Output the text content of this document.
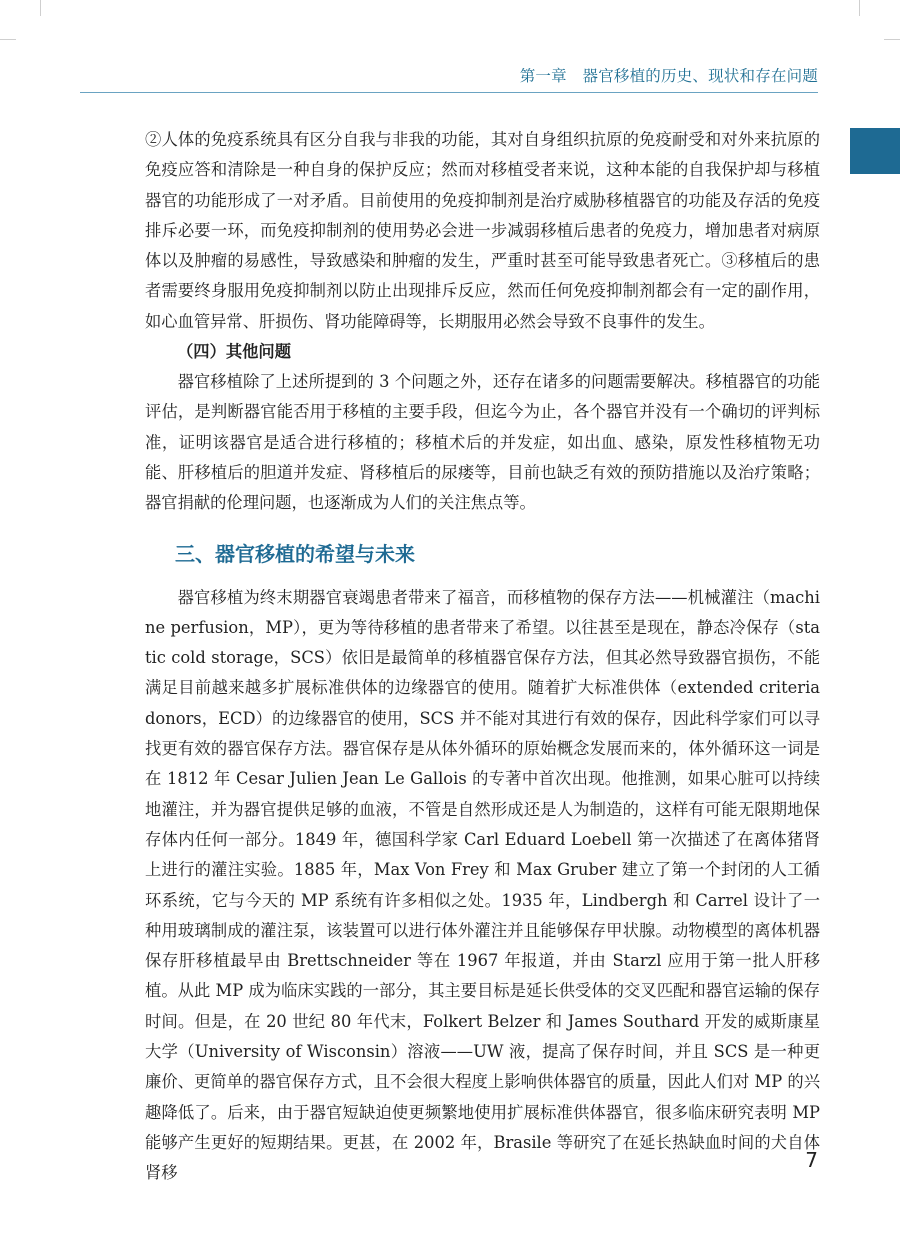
第一章　器官移植的历史、现状和存在问题

②人体的免疫系统具有区分自我与非我的功能，其对自身组织抗原的免疫耐受和对外来抗原的免疫应答和清除是一种自身的保护反应；然而对移植受者来说，这种本能的自我保护却与移植器官的功能形成了一对矛盾。目前使用的免疫抑制剂是治疗威胁移植器官的功能及存活的免疫排斥必要一环，而免疫抑制剂的使用势必会进一步减弱移植后患者的免疫力，增加患者对病原体以及肿瘤的易感性，导致感染和肿瘤的发生，严重时甚至可能导致患者死亡。③移植后的患者需要终身服用免疫抑制剂以防止出现排斥反应，然而任何免疫抑制剂都会有一定的副作用，如心血管异常、肝损伤、肾功能障碍等，长期服用必然会导致不良事件的发生。

（四）其他问题

器官移植除了上述所提到的 3 个问题之外，还存在诸多的问题需要解决。移植器官的功能评估，是判断器官能否用于移植的主要手段，但迄今为止，各个器官并没有一个确切的评判标准，证明该器官是适合进行移植的；移植术后的并发症，如出血、感染，原发性移植物无功能、肝移植后的胆道并发症、肾移植后的尿瘘等，目前也缺乏有效的预防措施以及治疗策略；器官捐献的伦理问题，也逐渐成为人们的关注焦点等。

三、器官移植的希望与未来

器官移植为终末期器官衰竭患者带来了福音，而移植物的保存方法——机械灌注（machine perfusion，MP），更为等待移植的患者带来了希望。以往甚至是现在，静态冷保存（static cold storage，SCS）依旧是最简单的移植器官保存方法，但其必然导致器官损伤，不能满足目前越来越多扩展标准供体的边缘器官的使用。随着扩大标准供体（extended criteria donors，ECD）的边缘器官的使用，SCS 并不能对其进行有效的保存，因此科学家们可以寻找更有效的器官保存方法。器官保存是从体外循环的原始概念发展而来的，体外循环这一词是在 1812 年 Cesar Julien Jean Le Gallois 的专著中首次出现。他推测，如果心脏可以持续地灌注，并为器官提供足够的血液，不管是自然形成还是人为制造的，这样有可能无限期地保存体内任何一部分。1849 年，德国科学家 Carl Eduard Loebell 第一次描述了在离体猪肾上进行的灌注实验。1885 年，Max Von Frey 和 Max Gruber 建立了第一个封闭的人工循环系统，它与今天的 MP 系统有许多相似之处。1935 年，Lindbergh 和 Carrel 设计了一种用玻璃制成的灌注泵，该装置可以进行体外灌注并且能够保存甲状腺。动物模型的离体机器保存肝移植最早由 Brettschneider 等在 1967 年报道，并由 Starzl 应用于第一批人肝移植。从此 MP 成为临床实践的一部分，其主要目标是延长供受体的交叉匹配和器官运输的保存时间。但是，在 20 世纪 80 年代末，Folkert Belzer 和 James Southard 开发的威斯康星大学（University of Wisconsin）溶液——UW 液，提高了保存时间，并且 SCS 是一种更廉价、更简单的器官保存方式，且不会很大程度上影响供体器官的质量，因此人们对 MP 的兴趣降低了。后来，由于器官短缺迫使更频繁地使用扩展标准供体器官，很多临床研究表明 MP 能够产生更好的短期结果。更甚，在 2002 年，Brasile 等研究了在延长热缺血时间的犬自体肾移

7
